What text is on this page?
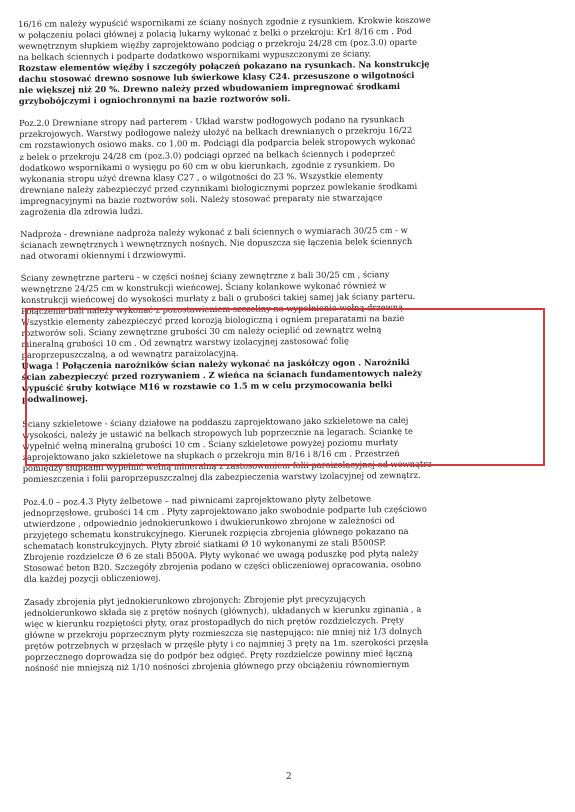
16/16 cm należy wypuścić wspornikami ze ściany nośnych zgodnie z rysunkiem. Krokwie koszowe
w połączeniu polaci głównej z polacią lukarny wykonać z belki o przekroju: Kr1 8/16 cm . Pod
wewnętrznym słupkiem więźby zaprojektowano podciąg o przekroju 24/28 cm (poz.3.0) oparte
na belkach ściennych i podparte dodatkowo wspornikami wypuszczonymi ze ściany.
Rozstaw elementów więźby i szczegóły połączeń pokazano na rysunkach. Na konstrukcję
dachu stosować drewno sosnowe lub świerkowe klasy C24. przesuszone o wilgotności
nie większej niż 20 %. Drewno należy przed wbudowaniem impregnować środkami
grzybobójczymi i ogniochronnymi na bazie roztworów soli.
Poz.2.0 Drewniane stropy nad parterem - Układ warstw podłogowych podano na rysunkach
przekrojowych. Warstwy podłogowe należy ułożyć na belkach drewnianych o przekroju 16/22
cm rozstawionych osiowo maks. co 1.00 m. Podciągi dla podparcia belek stropowych wykonać
z belek o przekroju 24/28 cm (poz.3.0) podciągi oprzeć na belkach ściennych i podeprzeć
dodatkowo wspornikami o wysięgu po 60 cm w obu kierunkach, zgodnie z rysunkiem. Do
wykonania stropu użyć drewna klasy C27 , o wilgotności do 23 %. Wszystkie elementy
drewniane należy zabezpieczyć przed czynnikami biologicznymi poprzez powlekanie środkami
impregnacyjnymi na bazie roztworów soli. Należy stosować preparaty nie stwarzające
zagrożenia dla zdrowia ludzi.
Nadproża - drewniane nadproża należy wykonać z bali ściennych o wymiarach 30/25 cm - w
ścianach zewnętrznych i wewnętrznych nośnych. Nie dopuszcza się łączenia belek ściennych
nad otworami okiennymi i drzwiowymi.
Ściany zewnętrzne parteru - w części nośnej ściany zewnętrzne z bali 30/25 cm , ściany
wewnętrzne 24/25 cm w konstrukcji wieńcowej. Ściany kolankowe wykonać również w
konstrukcji wieńcowej do wysokości murłaty z bali o grubości takiej samej jak ściany parteru.
Połączenie bali należy wykonać z pozostawieniem szczeliny na wypełnienie wełną drzewną.
Wszystkie elementy zabezpieczyć przed korozją biologiczną i ogniem preparatami na bazie
roztworów soli. Ściany zewnętrzne grubości 30 cm należy ocieplić od zewnątrz wełną
mineralną grubości 10 cm . Od zewnątrz warstwy izolacyjnej zastosować folię
paroprzepuszczalną, a od wewnątrz paraizolacyjną.
Uwaga ! Połączenia narożników ścian należy wykonać na jaskółczy ogon . Narożniki
ścian zabezpieczyć przed rozrywaniem . Z wieńca na ścianach fundamentowych należy
wypuścić śruby kotwiące M16 w rozstawie co 1.5 m w celu przymocowania belki
podwalinowej.
Ściany szkieletowe - ściany działowe na poddaszu zaprojektowano jako szkieletowe na całej
wysokości, należy je ustawić na belkach stropowych lub poprzecznie na legarach. Ściankę te
wypełnić wełną mineralną grubości 10 cm . Ściany szkieletowe powyżej poziomu murłaty
zaprojektowano jako szkieletowe na słupkach o przekroju min 8/16 i 8/16 cm . Przestrzeń
pomiędzy słupkami wypełnić wełną mineralną z zastosowaniem folii paroizolacyjnej od wewnątrz
pomieszczenia i folii paroprzepuszczalnej dla zabezpieczenia warstwy izolacyjnej od zewnątrz.
Poz.4.0 – poz.4.3 Płyty żelbetowe – nad piwnicami zaprojektowano płyty żelbetowe
jednoprzęsłowe, grubości 14 cm . Płyty zaprojektowano jako swobodnie podparte lub częściowo
utwierdzone , odpowiednio jednokierunkowo i dwukierunkowo zbrojone w zależności od
przyjętego schematu konstrukcyjnego. Kierunek rozpięcia zbrojenia głównego pokazano na
schematach konstrukcyjnych. Płyty zbroić siatkami Ø 10 wykonanymi ze stali B500SP.
Zbrojenie rozdzielcze Ø 6 ze stali B500A. Płyty wykonać we uwagą poduszkę pod płytą należy
Stosować beton B20. Szczegóły zbrojenia podano w części obliczeniowej opracowania, osobno
dla każdej pozycji obliczeniowej.
Zasady zbrojenia płyt jednokierunkowo zbrojonych: Zbrojenie płyt precyzujących
jednokierunkowo składa się z prętów nośnych (głównych), układanych w kierunku zginania , a
więc w kierunku rozpiętości płyty, oraz prostopadłych do nich prętów rozdzielczych. Pręty
główne w przekroju poprzecznym płyty rozmieszcza się następująco: nie mniej niż 1/3 dolnych
prętów potrzebnych w przęsłach w przęśle płyty i co najmniej 3 pręty na 1m. szerokości przęsła
poprzecznego doprowadza się do podpór bez odgięć. Pręty rozdzielcze powinny mieć łączną
nośność nie mniejszą niż 1/10 nośności zbrojenia głównego przy obciążeniu równomiernym
2
